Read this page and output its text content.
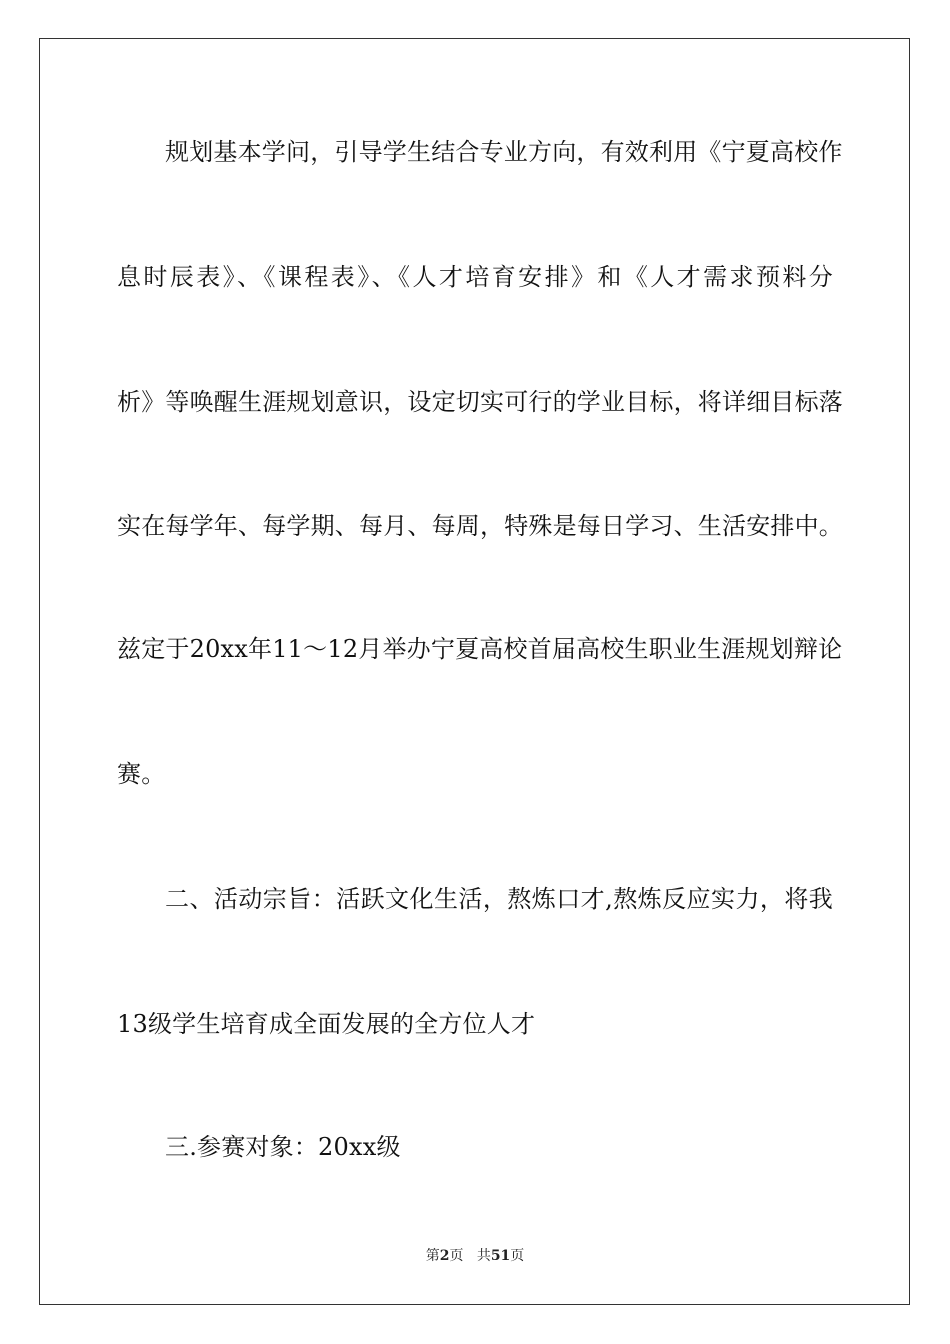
规划基本学问，引导学生结合专业方向，有效利用《宁夏高校作
息时辰表》、《课程表》、《人才培育安排》和《人才需求预料分
析》等唤醒生涯规划意识，设定切实可行的学业目标，将详细目标落
实在每学年、每学期、每月、每周，特殊是每日学习、生活安排中。
兹定于20xx年11～12月举办宁夏高校首届高校生职业生涯规划辩论
赛。
二、活动宗旨：活跃文化生活，熬炼口才,熬炼反应实力，将我
13级学生培育成全面发展的全方位人才
三.参赛对象：20xx级
第2页 共51页
